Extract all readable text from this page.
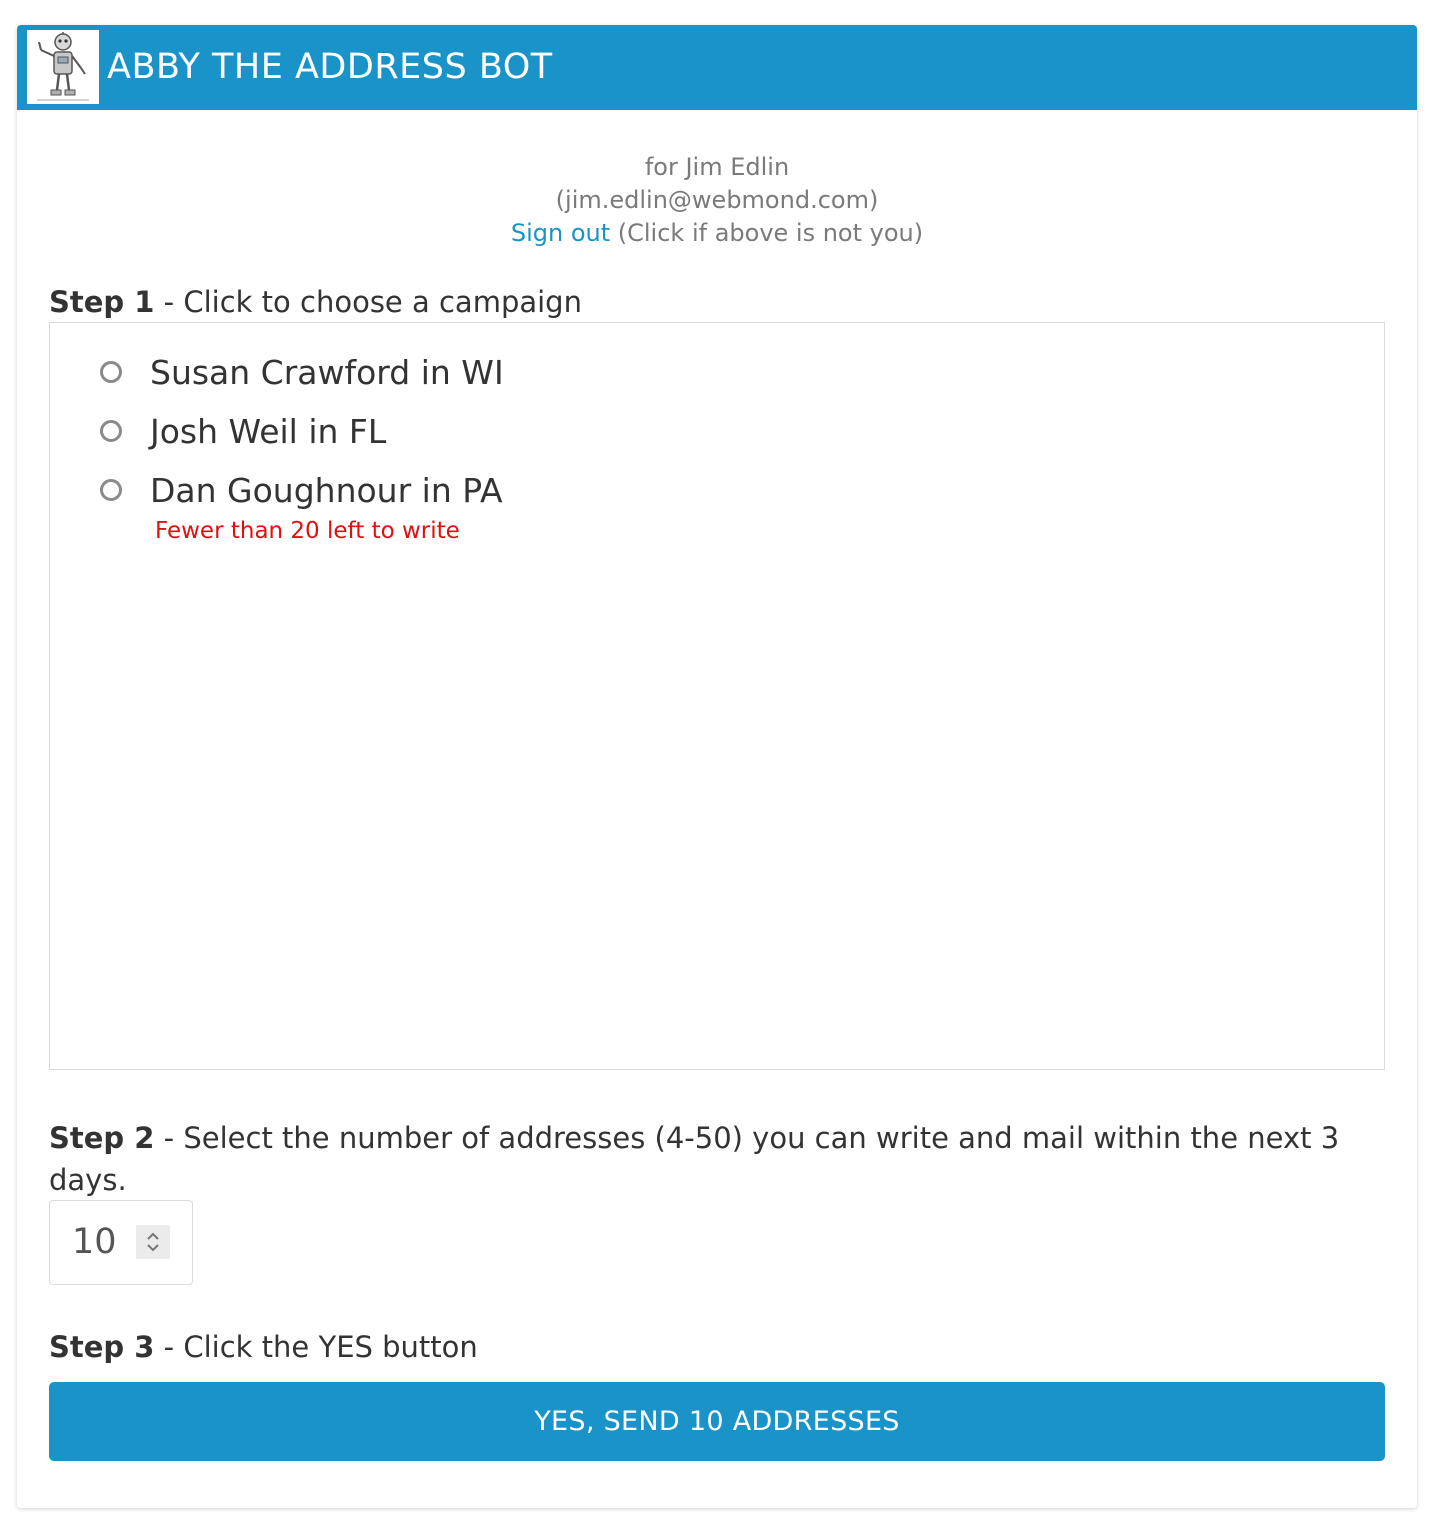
ABBY THE ADDRESS BOT
for Jim Edlin
(jim.edlin@webmond.com)
Sign out (Click if above is not you)
Step 1 - Click to choose a campaign
Susan Crawford in WI
Josh Weil in FL
Dan Goughnour in PA
Fewer than 20 left to write
Step 2 - Select the number of addresses (4-50) you can write and mail within the next 3 days.
10
Step 3 - Click the YES button
YES, SEND 10 ADDRESSES
